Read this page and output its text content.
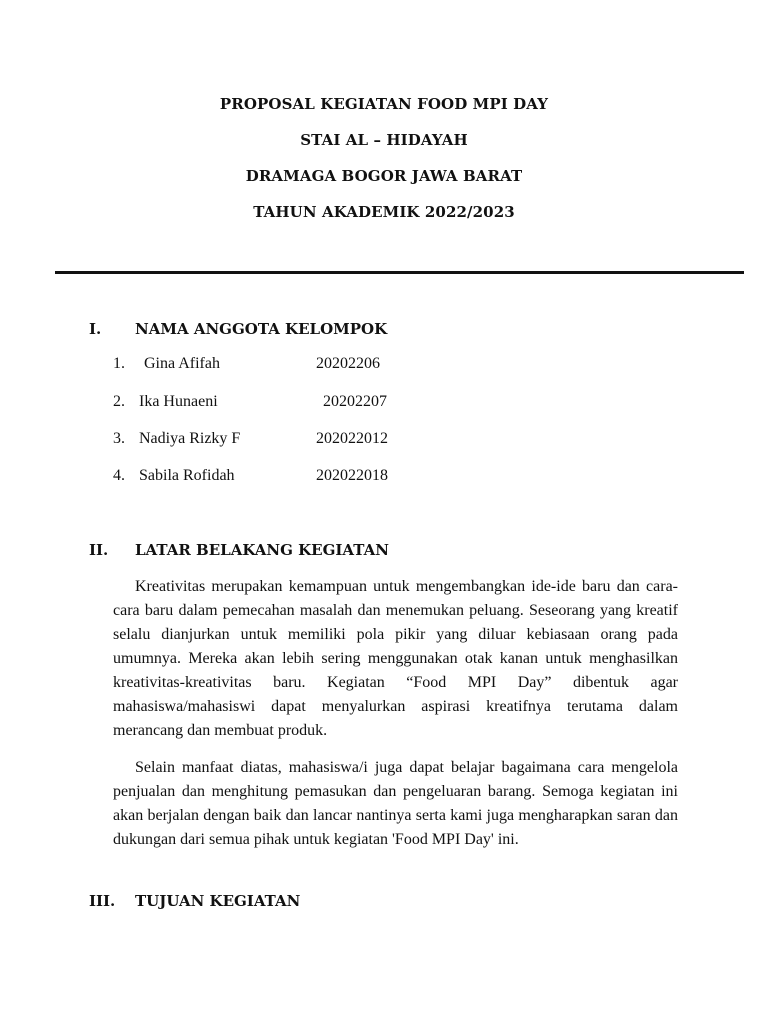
PROPOSAL KEGIATAN FOOD MPI DAY
STAI AL – HIDAYAH
DRAMAGA BOGOR JAWA BARAT
TAHUN AKADEMIK 2022/2023
I. NAMA ANGGOTA KELOMPOK
1. Gina Afifah	20202206
2. Ika Hunaeni	20202207
3. Nadiya Rizky F	202022012
4. Sabila Rofidah	202022018
II. LATAR BELAKANG KEGIATAN

Kreativitas merupakan kemampuan untuk mengembangkan ide-ide baru dan cara-cara baru dalam pemecahan masalah dan menemukan peluang. Seseorang yang kreatif selalu dianjurkan untuk memiliki pola pikir yang diluar kebiasaan orang pada umumnya. Mereka akan lebih sering menggunakan otak kanan untuk menghasilkan kreativitas-kreativitas baru. Kegiatan “Food MPI Day” dibentuk agar mahasiswa/mahasiswi dapat menyalurkan aspirasi kreatifnya terutama dalam merancang dan membuat produk.

Selain manfaat diatas, mahasiswa/i juga dapat belajar bagaimana cara mengelola penjualan dan menghitung pemasukan dan pengeluaran barang. Semoga kegiatan ini akan berjalan dengan baik dan lancar nantinya serta kami juga mengharapkan saran dan dukungan dari semua pihak untuk kegiatan 'Food MPI Day' ini.

III. TUJUAN KEGIATAN
